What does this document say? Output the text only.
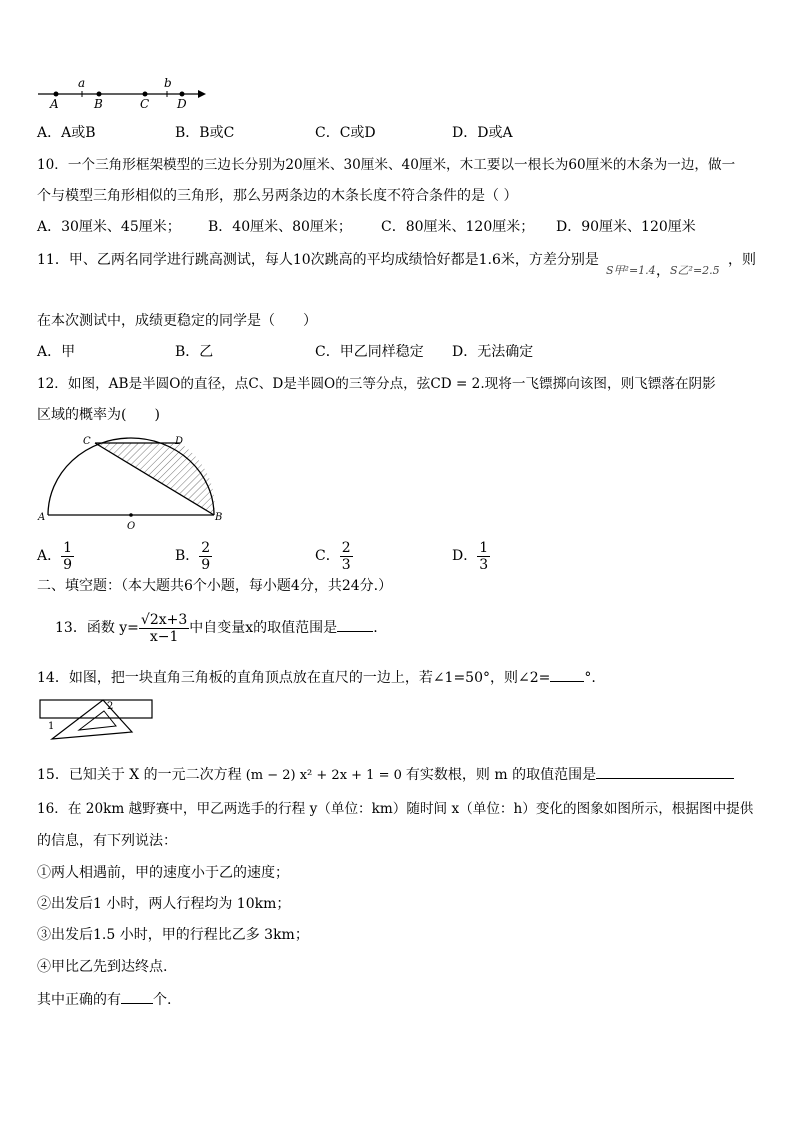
a	b
A	B	C D
A．A或B	B．B或C	C．C或D	D．D或A
10．一个三角形框架模型的三边长分别为20厘米、30厘米、40厘米，木工要以一根长为60厘米的木条为一边，做一
个与模型三角形相似的三角形，那么另两条边的木条长度不符合条件的是（ ）
A．30厘米、45厘米； B．40厘米、80厘米； C．80厘米、120厘米； D．90厘米、120厘米
11．甲、乙两名同学进行跳高测试，每人10次跳高的平均成绩恰好都是1.6米，方差分别是
S甲²=1.4 ， S乙²=2.5
，则
在本次测试中，成绩更稳定的同学是（　　）
A．甲	B．乙	C．甲乙同样稳定 D．无法确定
12．如图，AB是半圆O的直径，点C、D是半圆O的三等分点，弦CD = 2.现将一飞镖掷向该图，则飞镖落在阴影
区域的概率为(　　)
A	B
C	D
O
A． $\frac{1}{9}$	B． $\frac{2}{9}$	C． $\frac{2}{3}$	D． $\frac{1}{3}$
二、填空题：（本大题共6个小题，每小题4分，共24分.）
13．函数 $y= \frac{√2x+3}{x-1}$ 中自变量x的取值范围是	.
14．如图，把一块直角三角板的直角顶点放在直尺的一边上，若∠1=50°，则∠2= °.
1
2
15．已知关于 X 的一元二次方程 (m − 2) x² + 2x + 1 = 0 有实数根，则 m 的取值范围是
16．在 20km 越野赛中，甲乙两选手的行程 y（单位：km）随时间 x（单位：h）变化的图象如图所示，根据图中提供
的信息，有下列说法：
①两人相遇前，甲的速度小于乙的速度；
②出发后1 小时，两人行程均为 10km；
③出发后1.5 小时，甲的行程比乙多 3km；
④甲比乙先到达终点.
其中正确的有 个.
